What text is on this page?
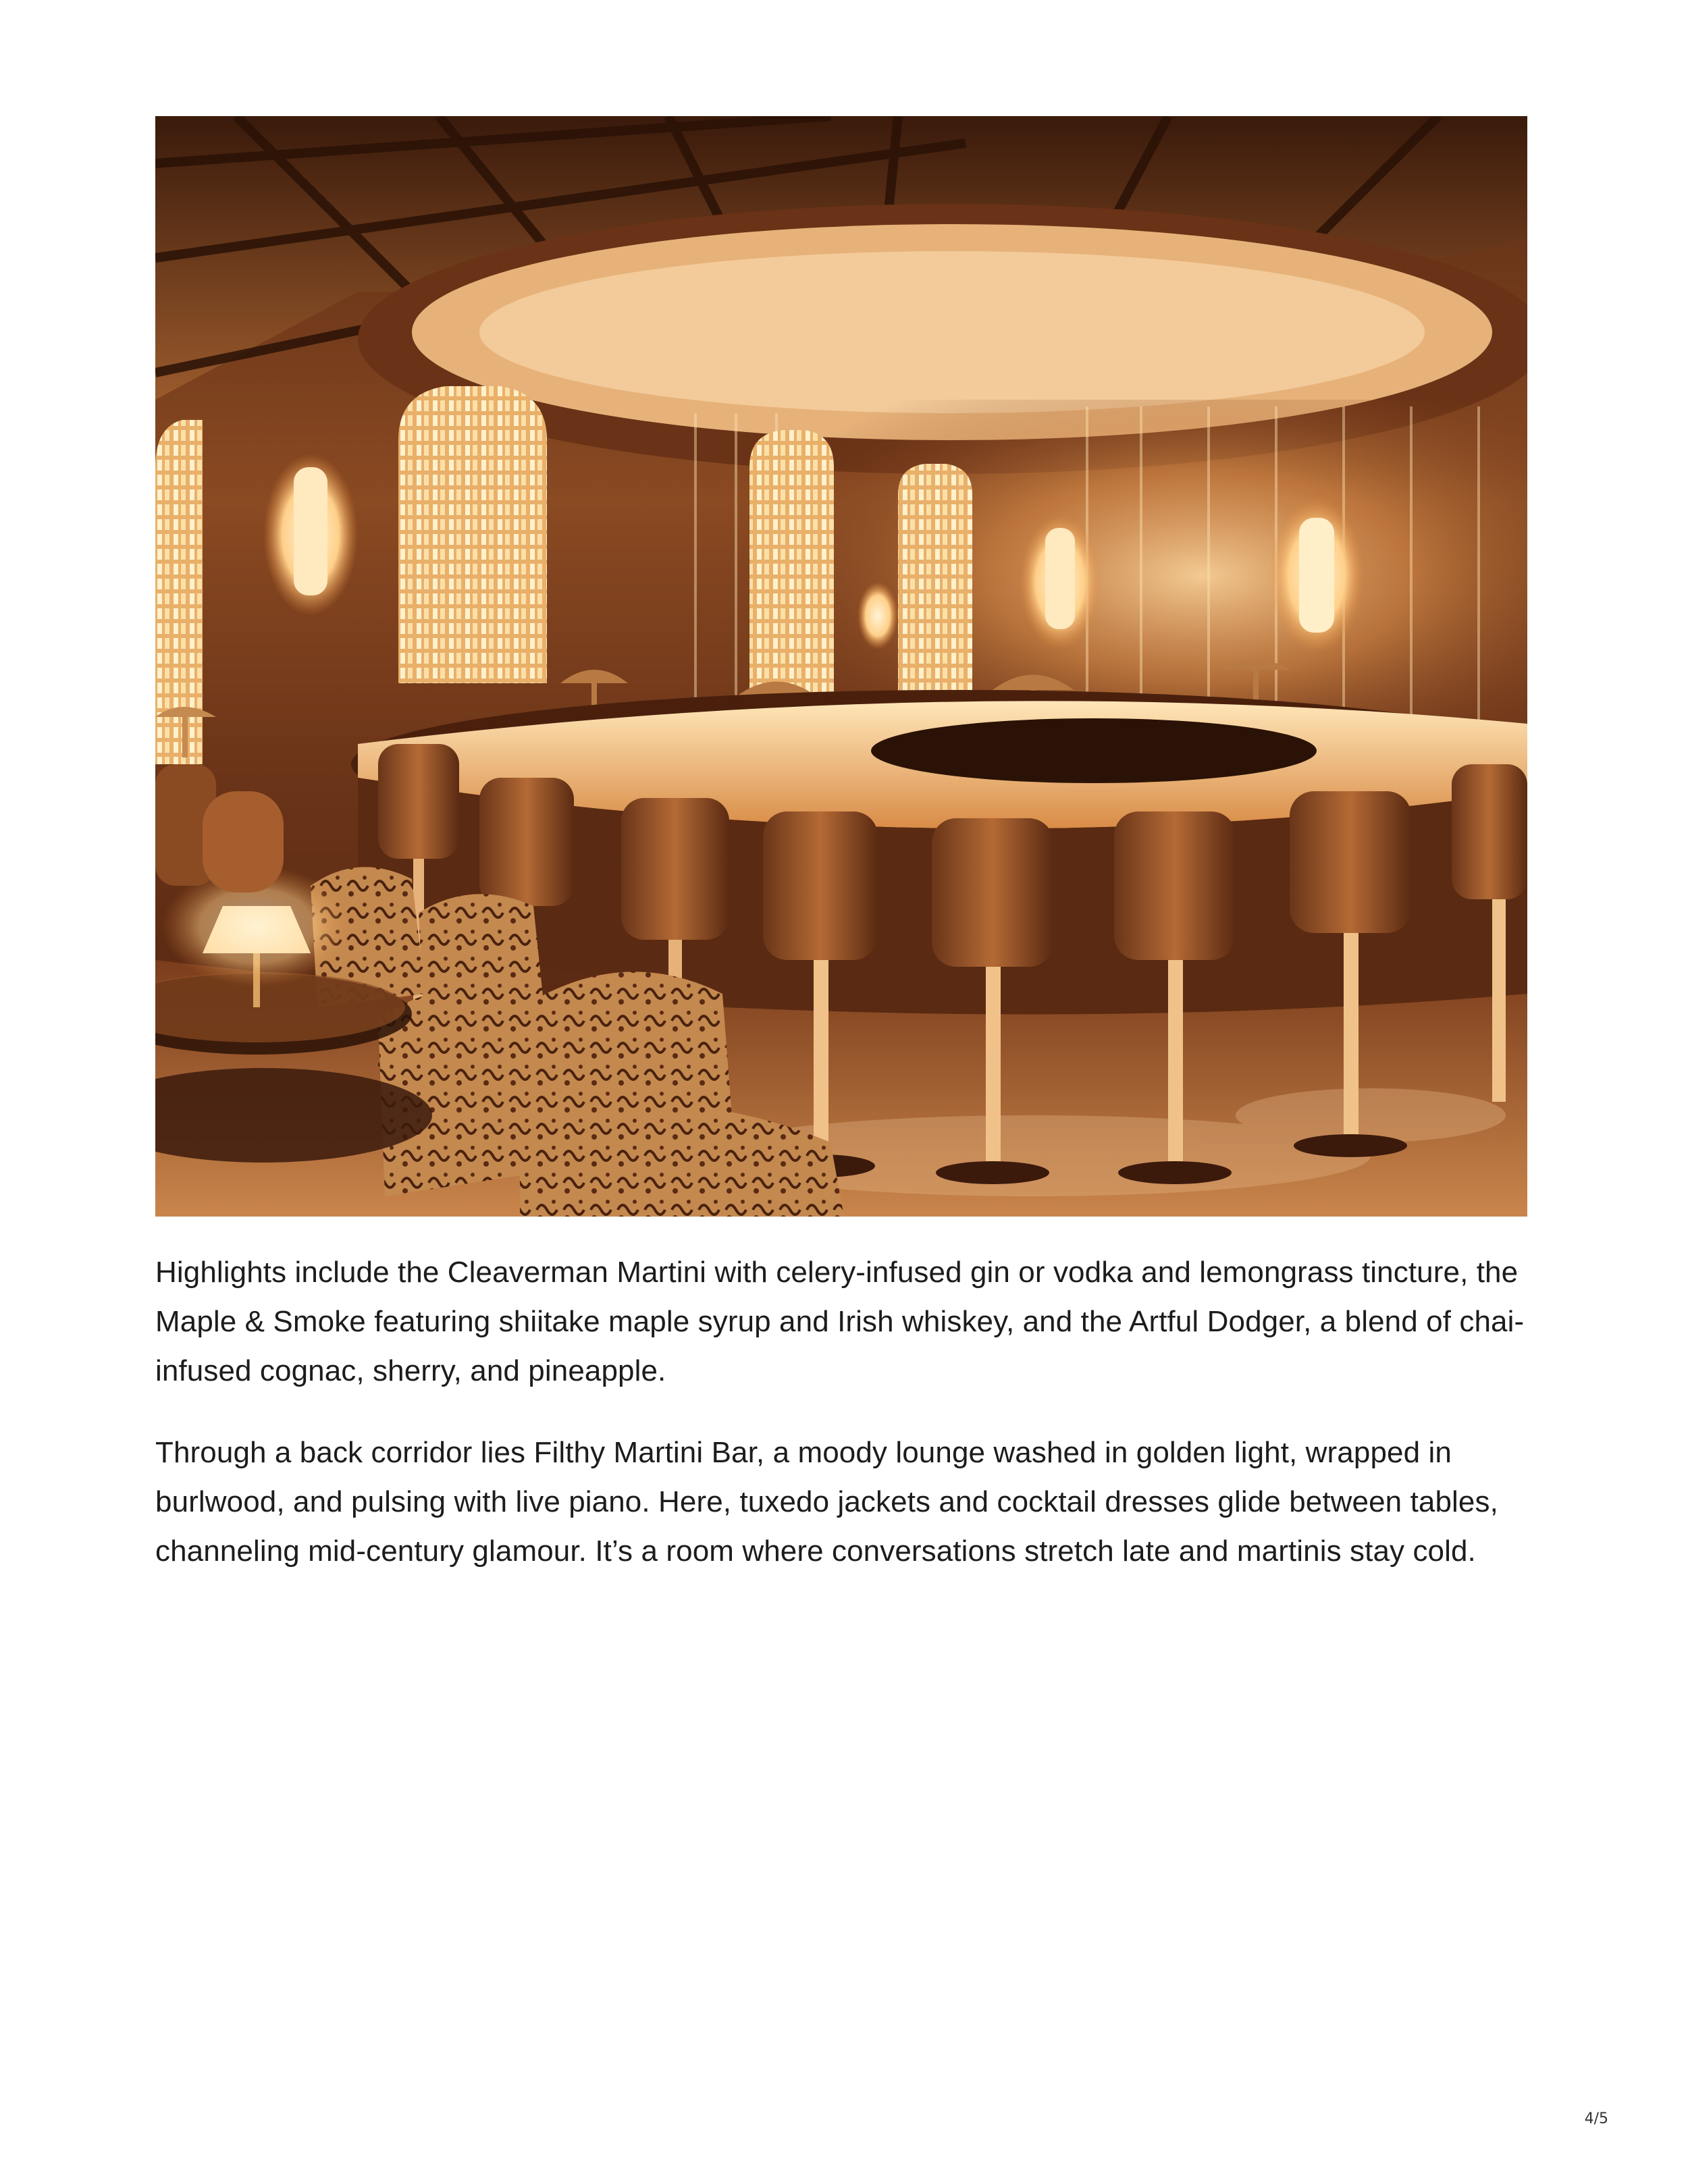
Highlights include the Cleaverman Martini with celery-infused gin or vodka and lemongrass tincture, the Maple & Smoke featuring shiitake maple syrup and Irish whiskey, and the Artful Dodger, a blend of chai-infused cognac, sherry, and pineapple.

Through a back corridor lies Filthy Martini Bar, a moody lounge washed in golden light, wrapped in burlwood, and pulsing with live piano. Here, tuxedo jackets and cocktail dresses glide between tables, channeling mid-century glamour. It’s a room where conversations stretch late and martinis stay cold.

4/5
